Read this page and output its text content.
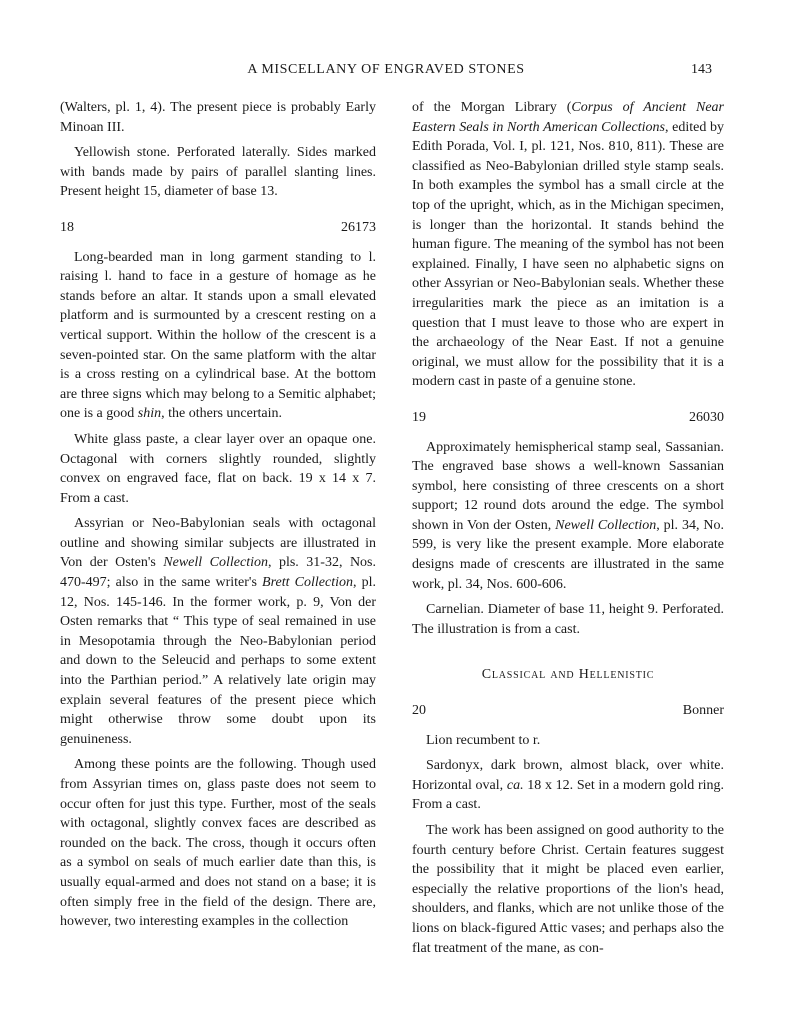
A MISCELLANY OF ENGRAVED STONES	143

(Walters, pl. 1, 4). The present piece is probably Early Minoan III.

Yellowish stone. Perforated laterally. Sides marked with bands made by pairs of parallel slanting lines. Present height 15, diameter of base 13.

18	26173

Long-bearded man in long garment standing to l. raising l. hand to face in a gesture of homage as he stands before an altar. It stands upon a small elevated platform and is surmounted by a crescent resting on a vertical support. Within the hollow of the crescent is a seven-pointed star. On the same platform with the altar is a cross resting on a cylindrical base. At the bottom are three signs which may belong to a Semitic alphabet; one is a good shin, the others uncertain.

White glass paste, a clear layer over an opaque one. Octagonal with corners slightly rounded, slightly convex on engraved face, flat on back. 19 x 14 x 7. From a cast.

Assyrian or Neo-Babylonian seals with octagonal outline and showing similar subjects are illustrated in Von der Osten's Newell Collection, pls. 31-32, Nos. 470-497; also in the same writer's Brett Collection, pl. 12, Nos. 145-146. In the former work, p. 9, Von der Osten remarks that “ This type of seal remained in use in Mesopotamia through the Neo-Babylonian period and down to the Seleucid and perhaps to some extent into the Parthian period.” A relatively late origin may explain several features of the present piece which might otherwise throw some doubt upon its genuineness.

Among these points are the following. Though used from Assyrian times on, glass paste does not seem to occur often for just this type. Further, most of the seals with octagonal, slightly convex faces are described as rounded on the back. The cross, though it occurs often as a symbol on seals of much earlier date than this, is usually equal-armed and does not stand on a base; it is often simply free in the field of the design. There are, however, two interesting examples in the collection

of the Morgan Library (Corpus of Ancient Near Eastern Seals in North American Collections, edited by Edith Porada, Vol. I, pl. 121, Nos. 810, 811). These are classified as Neo-Babylonian drilled style stamp seals. In both examples the symbol has a small circle at the top of the upright, which, as in the Michigan specimen, is longer than the horizontal. It stands behind the human figure. The meaning of the symbol has not been explained. Finally, I have seen no alphabetic signs on other Assyrian or Neo-Babylonian seals. Whether these irregularities mark the piece as an imitation is a question that I must leave to those who are expert in the archaeology of the Near East. If not a genuine original, we must allow for the possibility that it is a modern cast in paste of a genuine stone.

19	26030

Approximately hemispherical stamp seal, Sassanian. The engraved base shows a well-known Sassanian symbol, here consisting of three crescents on a short support; 12 round dots around the edge. The symbol shown in Von der Osten, Newell Collection, pl. 34, No. 599, is very like the present example. More elaborate designs made of crescents are illustrated in the same work, pl. 34, Nos. 600-606.

Carnelian. Diameter of base 11, height 9. Perforated. The illustration is from a cast.

Classical and Hellenistic
20	Bonner

Lion recumbent to r.

Sardonyx, dark brown, almost black, over white. Horizontal oval, ca. 18 x 12. Set in a modern gold ring. From a cast.

The work has been assigned on good authority to the fourth century before Christ. Certain features suggest the possibility that it might be placed even earlier, especially the relative proportions of the lion's head, shoulders, and flanks, which are not unlike those of the lions on black-figured Attic vases; and perhaps also the flat treatment of the mane, as con-
